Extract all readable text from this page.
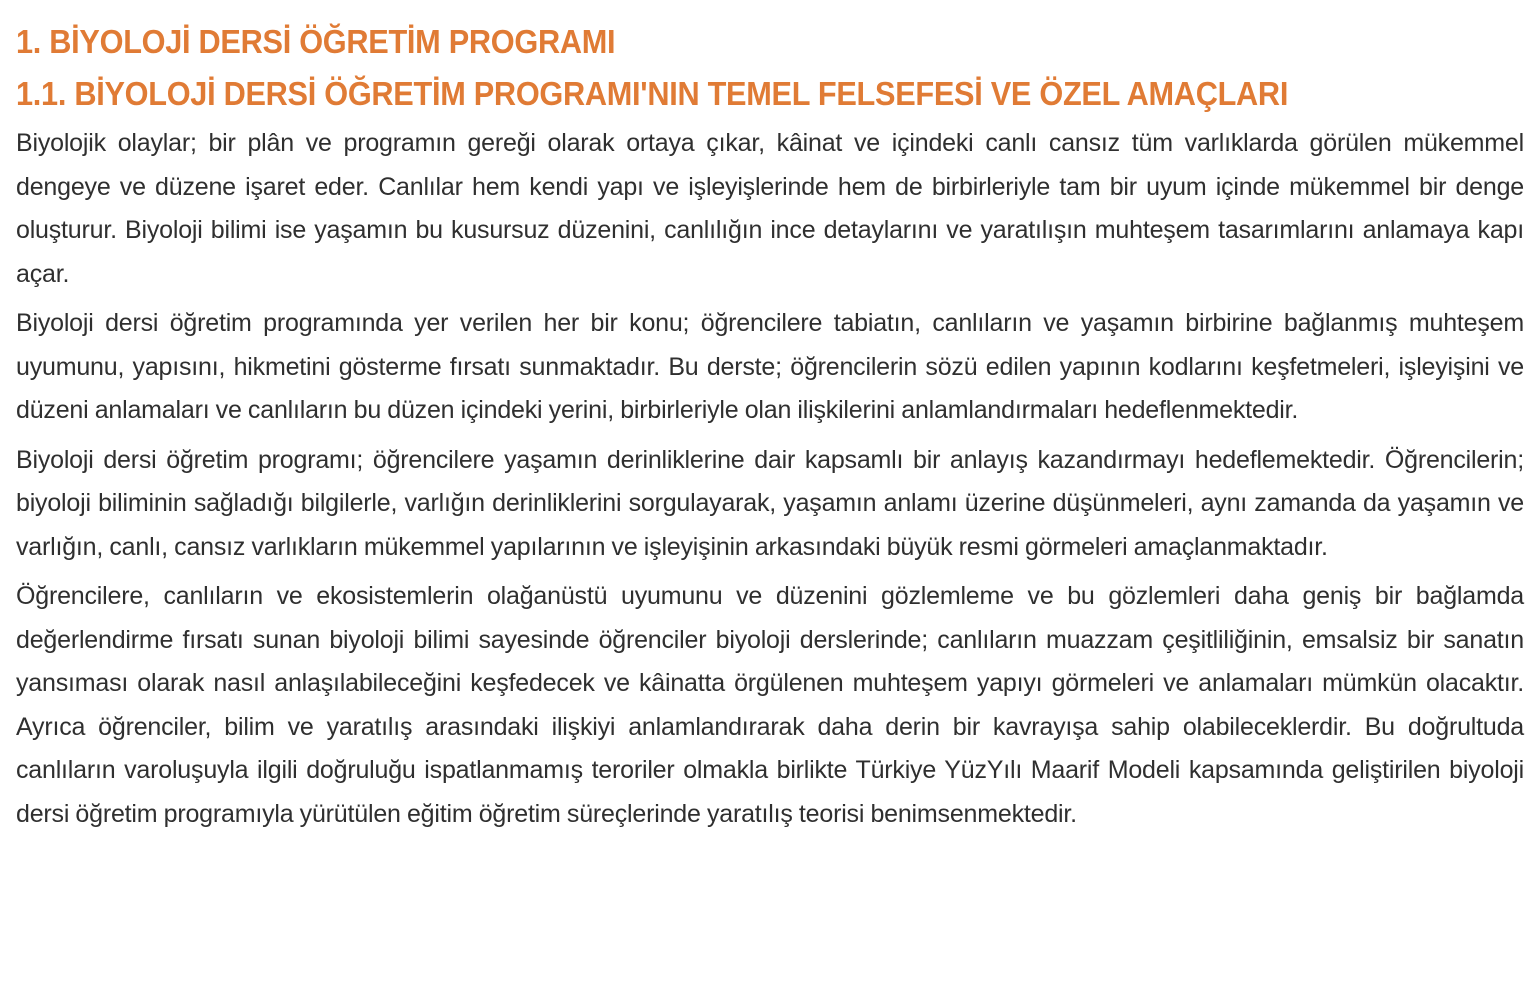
1. BİYOLOJİ DERSİ ÖĞRETİM PROGRAMI
1.1. BİYOLOJİ DERSİ ÖĞRETİM PROGRAMI'NIN TEMEL FELSEFESİ VE ÖZEL AMAÇLARI

Biyolojik olaylar; bir plân ve programın gereği olarak ortaya çıkar, kâinat ve içindeki canlı cansız tüm varlıklarda görülen mükemmel dengeye ve düzene işaret eder. Canlılar hem kendi yapı ve işleyişlerinde hem de birbirleriyle tam bir uyum içinde mükemmel bir denge oluşturur. Biyoloji bilimi ise yaşamın bu kusursuz düzenini, canlılığın ince detaylarını ve yaratılışın muhteşem tasarımlarını anlamaya kapı açar.

Biyoloji dersi öğretim programında yer verilen her bir konu; öğrencilere tabiatın, canlıların ve yaşamın birbirine bağlanmış muhteşem uyumunu, yapısını, hikmetini gösterme fırsatı sunmaktadır. Bu derste; öğrencilerin sözü edilen yapının kodlarını keşfetmeleri, işleyişini ve düzeni anlamaları ve canlıların bu düzen içindeki yerini, birbirleriyle olan ilişkilerini anlamlandırmaları hedeflenmektedir.

Biyoloji dersi öğretim programı; öğrencilere yaşamın derinliklerine dair kapsamlı bir anlayış kazandırmayı hedeflemektedir. Öğrencilerin; biyoloji biliminin sağladığı bilgilerle, varlığın derinliklerini sorgulayarak, yaşamın anlamı üzerine düşünmeleri, aynı zamanda da yaşamın ve varlığın, canlı, cansız varlıkların mükemmel yapılarının ve işleyişinin arkasındaki büyük resmi görmeleri amaçlanmaktadır.

Öğrencilere, canlıların ve ekosistemlerin olağanüstü uyumunu ve düzenini gözlemleme ve bu gözlemleri daha geniş bir bağlamda değerlendirme fırsatı sunan biyoloji bilimi sayesinde öğrenciler biyoloji derslerinde; canlıların muazzam çeşitliliğinin, emsalsiz bir sanatın yansıması olarak nasıl anlaşılabileceğini keşfedecek ve kâinatta örgülenen muhteşem yapıyı görmeleri ve anlamaları mümkün olacaktır. Ayrıca öğrenciler, bilim ve yaratılış arasındaki ilişkiyi anlamlandırarak daha derin bir kavrayışa sahip olabileceklerdir. Bu doğrultuda canlıların varoluşuyla ilgili doğruluğu ispatlanmamış teroriler olmakla birlikte Türkiye YüzYılı Maarif Modeli kapsamında geliştirilen biyoloji dersi öğretim programıyla yürütülen eğitim öğretim süreçlerinde yaratılış teorisi benimsenmektedir.
